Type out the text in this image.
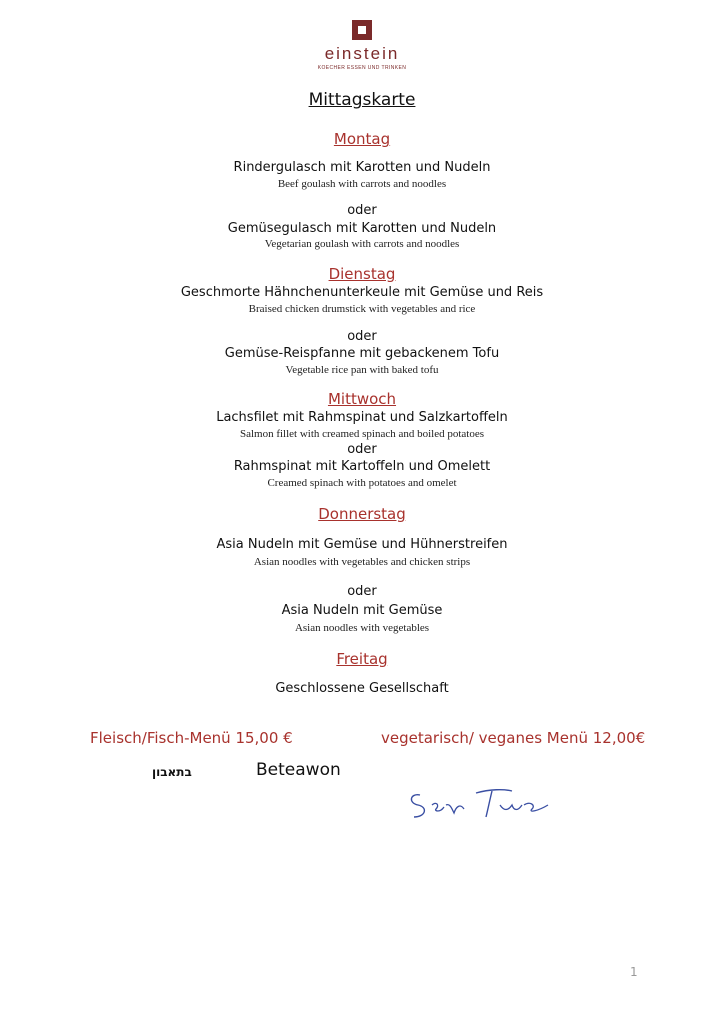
einstein
KOECHER ESSEN UND TRINKEN
Mittagskarte
Montag
Rindergulasch mit Karotten und Nudeln
Beef goulash with carrots and noodles
oder
Gemüsegulasch mit Karotten und Nudeln
Vegetarian goulash with carrots and noodles
Dienstag
Geschmorte Hähnchenunterkeule mit Gemüse und Reis
Braised chicken drumstick with vegetables and rice
oder
Gemüse-Reispfanne mit gebackenem Tofu
Vegetable rice pan with baked tofu
Mittwoch
Lachsfilet mit Rahmspinat und Salzkartoffeln
Salmon fillet with creamed spinach and boiled potatoes
oder
Rahmspinat mit Kartoffeln und Omelett
Creamed spinach with potatoes and omelet
Donnerstag
Asia Nudeln mit Gemüse und Hühnerstreifen
Asian noodles with vegetables and chicken strips
oder
Asia Nudeln mit Gemüse
Asian noodles with vegetables
Freitag
Geschlossene Gesellschaft
Fleisch/Fisch-Menü 15,00 €	vegetarisch/ veganes Menü 12,00€
בתאבון	Beteawon
1
